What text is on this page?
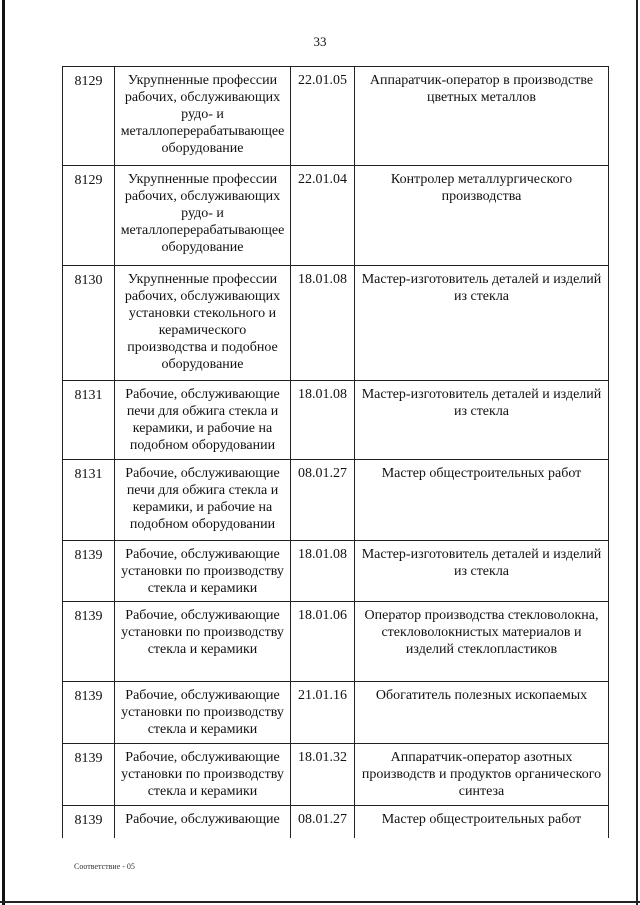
33
8129	Укрупненные профессии рабочих, обслуживающих рудо- и металлоперерабатывающее оборудование	22.01.05	Аппаратчик-оператор в производстве цветных металлов
8129	Укрупненные профессии рабочих, обслуживающих рудо- и металлоперерабатывающее оборудование	22.01.04	Контролер металлургического производства
8130	Укрупненные профессии рабочих, обслуживающих установки стекольного и керамического производства и подобное оборудование	18.01.08	Мастер-изготовитель деталей и изделий из стекла
8131	Рабочие, обслуживающие печи для обжига стекла и керамики, и рабочие на подобном оборудовании	18.01.08	Мастер-изготовитель деталей и изделий из стекла
8131	Рабочие, обслуживающие печи для обжига стекла и керамики, и рабочие на подобном оборудовании	08.01.27	Мастер общестроительных работ
8139	Рабочие, обслуживающие установки по производству стекла и керамики	18.01.08	Мастер-изготовитель деталей и изделий из стекла
8139	Рабочие, обслуживающие установки по производству стекла и керамики	18.01.06	Оператор производства стекловолокна, стекловолокнистых материалов и изделий стеклопластиков
8139	Рабочие, обслуживающие установки по производству стекла и керамики	21.01.16	Обогатитель полезных ископаемых
8139	Рабочие, обслуживающие установки по производству стекла и керамики	18.01.32	Аппаратчик-оператор азотных производств и продуктов органического синтеза
8139	Рабочие, обслуживающие	08.01.27	Мастер общестроительных работ
Соответствие - 05
